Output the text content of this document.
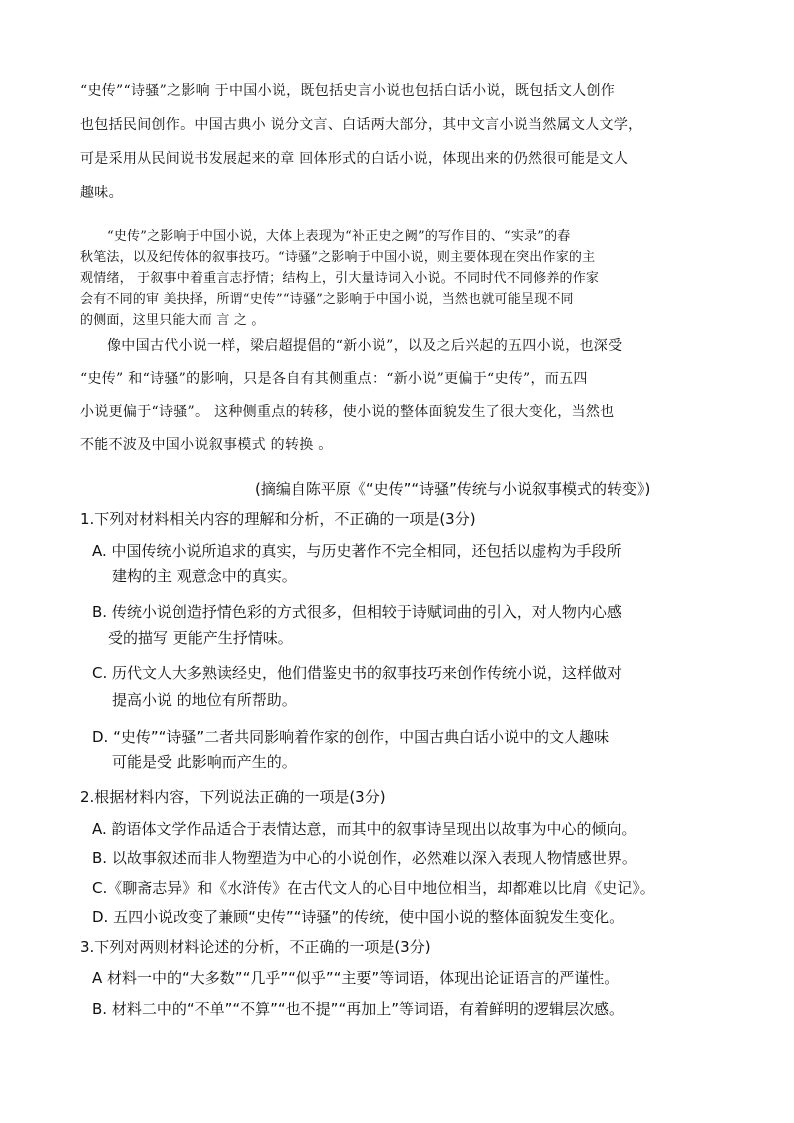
“史传”“诗骚”之影响 于中国小说，既包括史言小说也包括白话小说，既包括文人创作

也包括民间创作。中国古典小 说分文言、白话两大部分，其中文言小说当然属文人文学，

可是采用从民间说书发展起来的章 回体形式的白话小说，体现出来的仍然很可能是文人

趣味。

“史传”之影响于中国小说，大体上表现为“补正史之阙”的写作目的、“实录”的春

秋笔法，以及纪传体的叙事技巧。“诗骚”之影响于中国小说，则主要体现在突出作家的主

观情绪， 于叙事中着重言志抒情；结构上，引大量诗词入小说。不同时代不同修养的作家

会有不同的审 美抉择，所谓“史传”“诗骚”之影响于中国小说，当然也就可能呈现不同

的侧面，这里只能大而 言 之 。

像中国古代小说一样，梁启超提倡的“新小说”，以及之后兴起的五四小说，也深受

“史传” 和“诗骚”的影响，只是各自有其侧重点：“新小说”更偏于“史传”，而五四

小说更偏于“诗骚”。 这种侧重点的转移，使小说的整体面貌发生了很大变化，当然也

不能不波及中国小说叙事模式 的转换 。

(摘编自陈平原《“史传”“诗骚”传统与小说叙事模式的转变》)

1.下列对材料相关内容的理解和分析，不正确的一项是(3分)

A. 中国传统小说所追求的真实，与历史著作不完全相同，还包括以虚构为手段所

建构的主 观意念中的真实。

B. 传统小说创造抒情色彩的方式很多，但相较于诗赋词曲的引入，对人物内心感

受的描写 更能产生抒情味。

C. 历代文人大多熟读经史，他们借鉴史书的叙事技巧来创作传统小说，这样做对

提高小说 的地位有所帮助。

D. “史传”“诗骚”二者共同影响着作家的创作，中国古典白话小说中的文人趣味

可能是受 此影响而产生的。

2.根据材料内容，下列说法正确的一项是(3分)

A. 韵语体文学作品适合于表情达意，而其中的叙事诗呈现出以故事为中心的倾向。

B. 以故事叙述而非人物塑造为中心的小说创作，必然难以深入表现人物情感世界。

C.《聊斋志异》和《水浒传》在古代文人的心目中地位相当，却都难以比肩《史记》。

D. 五四小说改变了兼顾“史传”“诗骚”的传统，使中国小说的整体面貌发生变化。

3.下列对两则材料论述的分析，不正确的一项是(3分)

A 材料一中的“大多数”“几乎”“似乎”“主要”等词语，体现出论证语言的严谨性。

B. 材料二中的“不单”“不算”“也不提”“再加上”等词语，有着鲜明的逻辑层次感。
